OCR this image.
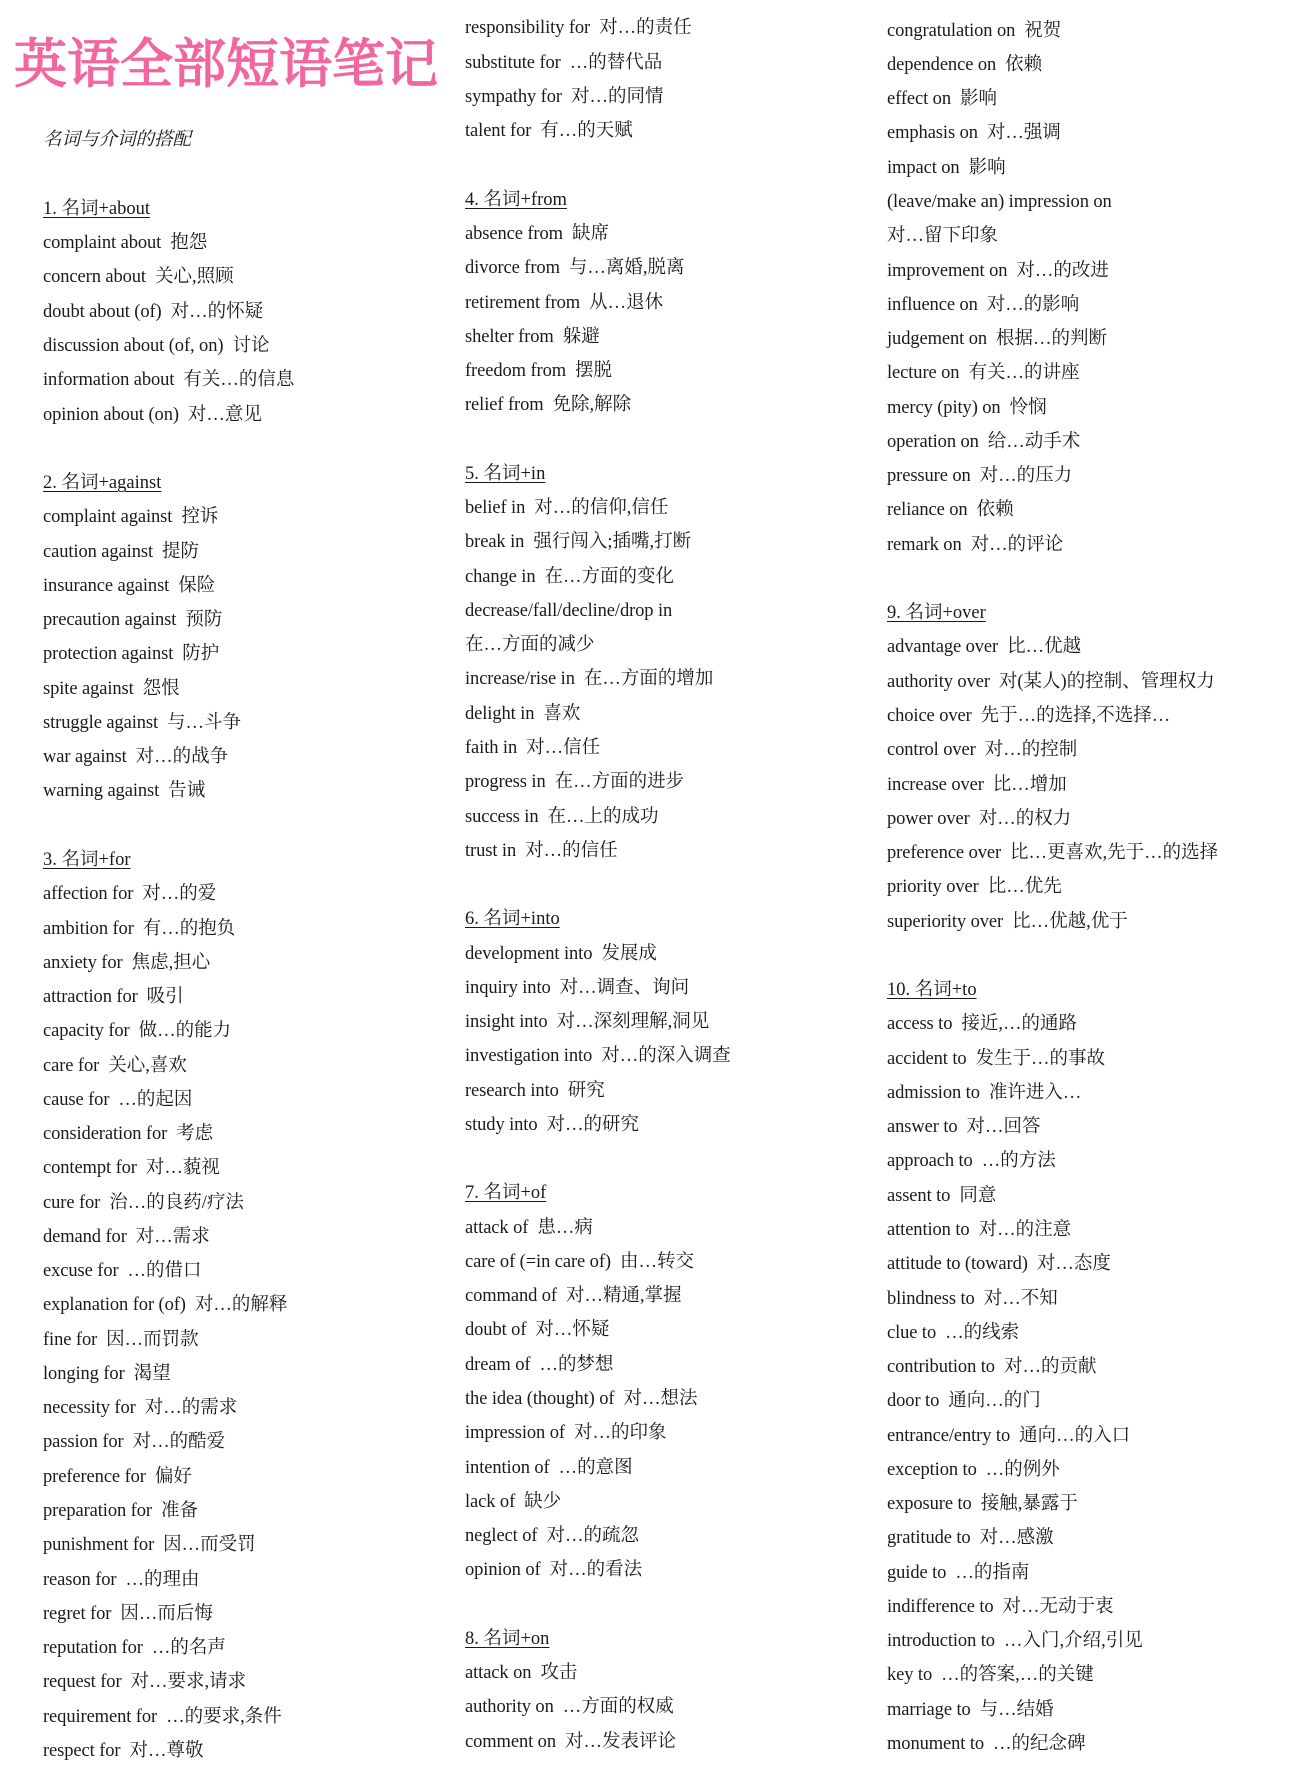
英语全部短语笔记
名词与介词的搭配
1. 名词+about
complaint about 抱怨
concern about 关心,照顾
doubt about (of) 对…的怀疑
discussion about (of, on) 讨论
information about 有关…的信息
opinion about (on) 对…意见
2. 名词+against
complaint against 控诉
caution against 提防
insurance against 保险
precaution against 预防
protection against 防护
spite against 怨恨
struggle against 与…斗争
war against 对…的战争
warning against 告诫
3. 名词+for
affection for 对…的爱
ambition for 有…的抱负
anxiety for 焦虑,担心
attraction for 吸引
capacity for 做…的能力
care for 关心,喜欢
cause for …的起因
consideration for 考虑
contempt for 对…藐视
cure for 治…的良药/疗法
demand for 对…需求
excuse for …的借口
explanation for (of) 对…的解释
fine for 因…而罚款
longing for 渴望
necessity for 对…的需求
passion for 对…的酷爱
preference for 偏好
preparation for 准备
punishment for 因…而受罚
reason for …的理由
regret for 因…而后悔
reputation for …的名声
request for 对…要求,请求
requirement for …的要求,条件
respect for 对…尊敬
responsibility for 对…的责任
substitute for …的替代品
sympathy for 对…的同情
talent for 有…的天赋
4. 名词+from
absence from 缺席
divorce from 与…离婚,脱离
retirement from 从…退休
shelter from 躲避
freedom from 摆脱
relief from 免除,解除
5. 名词+in
belief in 对…的信仰,信任
break in 强行闯入;插嘴,打断
change in 在…方面的变化
decrease/fall/decline/drop in
在…方面的减少
increase/rise in 在…方面的增加
delight in 喜欢
faith in 对…信任
progress in 在…方面的进步
success in 在…上的成功
trust in 对…的信任
6. 名词+into
development into 发展成
inquiry into 对…调查、询问
insight into 对…深刻理解,洞见
investigation into 对…的深入调查
research into 研究
study into 对…的研究
7. 名词+of
attack of 患…病
care of (=in care of) 由…转交
command of 对…精通,掌握
doubt of 对…怀疑
dream of …的梦想
the idea (thought) of 对…想法
impression of 对…的印象
intention of …的意图
lack of 缺少
neglect of 对…的疏忽
opinion of 对…的看法
8. 名词+on
attack on 攻击
authority on …方面的权威
comment on 对…发表评论
congratulation on 祝贺
dependence on 依赖
effect on 影响
emphasis on 对…强调
impact on 影响
(leave/make an) impression on
对…留下印象
improvement on 对…的改进
influence on 对…的影响
judgement on 根据…的判断
lecture on 有关…的讲座
mercy (pity) on 怜悯
operation on 给…动手术
pressure on 对…的压力
reliance on 依赖
remark on 对…的评论
9. 名词+over
advantage over 比…优越
authority over 对(某人)的控制、管理权力
choice over 先于…的选择,不选择…
control over 对…的控制
increase over 比…增加
power over 对…的权力
preference over 比…更喜欢,先于…的选择
priority over 比…优先
superiority over 比…优越,优于
10. 名词+to
access to 接近,…的通路
accident to 发生于…的事故
admission to 准许进入…
answer to 对…回答
approach to …的方法
assent to 同意
attention to 对…的注意
attitude to (toward) 对…态度
blindness to 对…不知
clue to …的线索
contribution to 对…的贡献
door to 通向…的门
entrance/entry to 通向…的入口
exception to …的例外
exposure to 接触,暴露于
gratitude to 对…感激
guide to …的指南
indifference to 对…无动于衷
introduction to …入门,介绍,引见
key to …的答案,…的关键
marriage to 与…结婚
monument to …的纪念碑
